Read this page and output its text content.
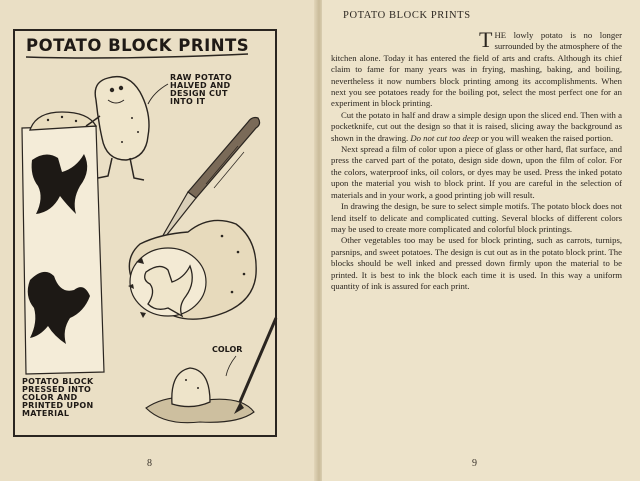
POTATO BLOCK PRINTS
RAW POTATO HALVED AND DESIGN CUT INTO IT
COLOR
POTATO BLOCK PRESSED INTO COLOR AND PRINTED UPON MATERIAL
8
POTATO BLOCK PRINTS

THE lowly potato is no longer surrounded by the atmosphere of the kitchen alone. Today it has entered the field of arts and crafts. Although its chief claim to fame for many years was in frying, mashing, baking, and boiling, nevertheless it now numbers block printing among its accomplishments. When next you see potatoes ready for the boiling pot, select the most perfect one for an experiment in block printing.

Cut the potato in half and draw a simple design upon the sliced end. Then with a pocketknife, cut out the design so that it is raised, slicing away the background as shown in the drawing. Do not cut too deep or you will weaken the raised portion.

Next spread a film of color upon a piece of glass or other hard, flat surface, and press the carved part of the potato, design side down, upon the film of color. For the colors, waterproof inks, oil colors, or dyes may be used. Press the inked potato upon the material you wish to block print. If you are careful in the selection of materials and in your work, a good printing job will result.

In drawing the design, be sure to select simple motifs. The potato block does not lend itself to delicate and complicated cutting. Several blocks of different colors may be used to create more complicated and colorful block printings.

Other vegetables too may be used for block printing, such as carrots, turnips, parsnips, and sweet potatoes. The design is cut out as in the potato block print. The blocks should be well inked and pressed down firmly upon the material to be printed. It is best to ink the block each time it is used. In this way a uniform quantity of ink is assured for each print.

9
